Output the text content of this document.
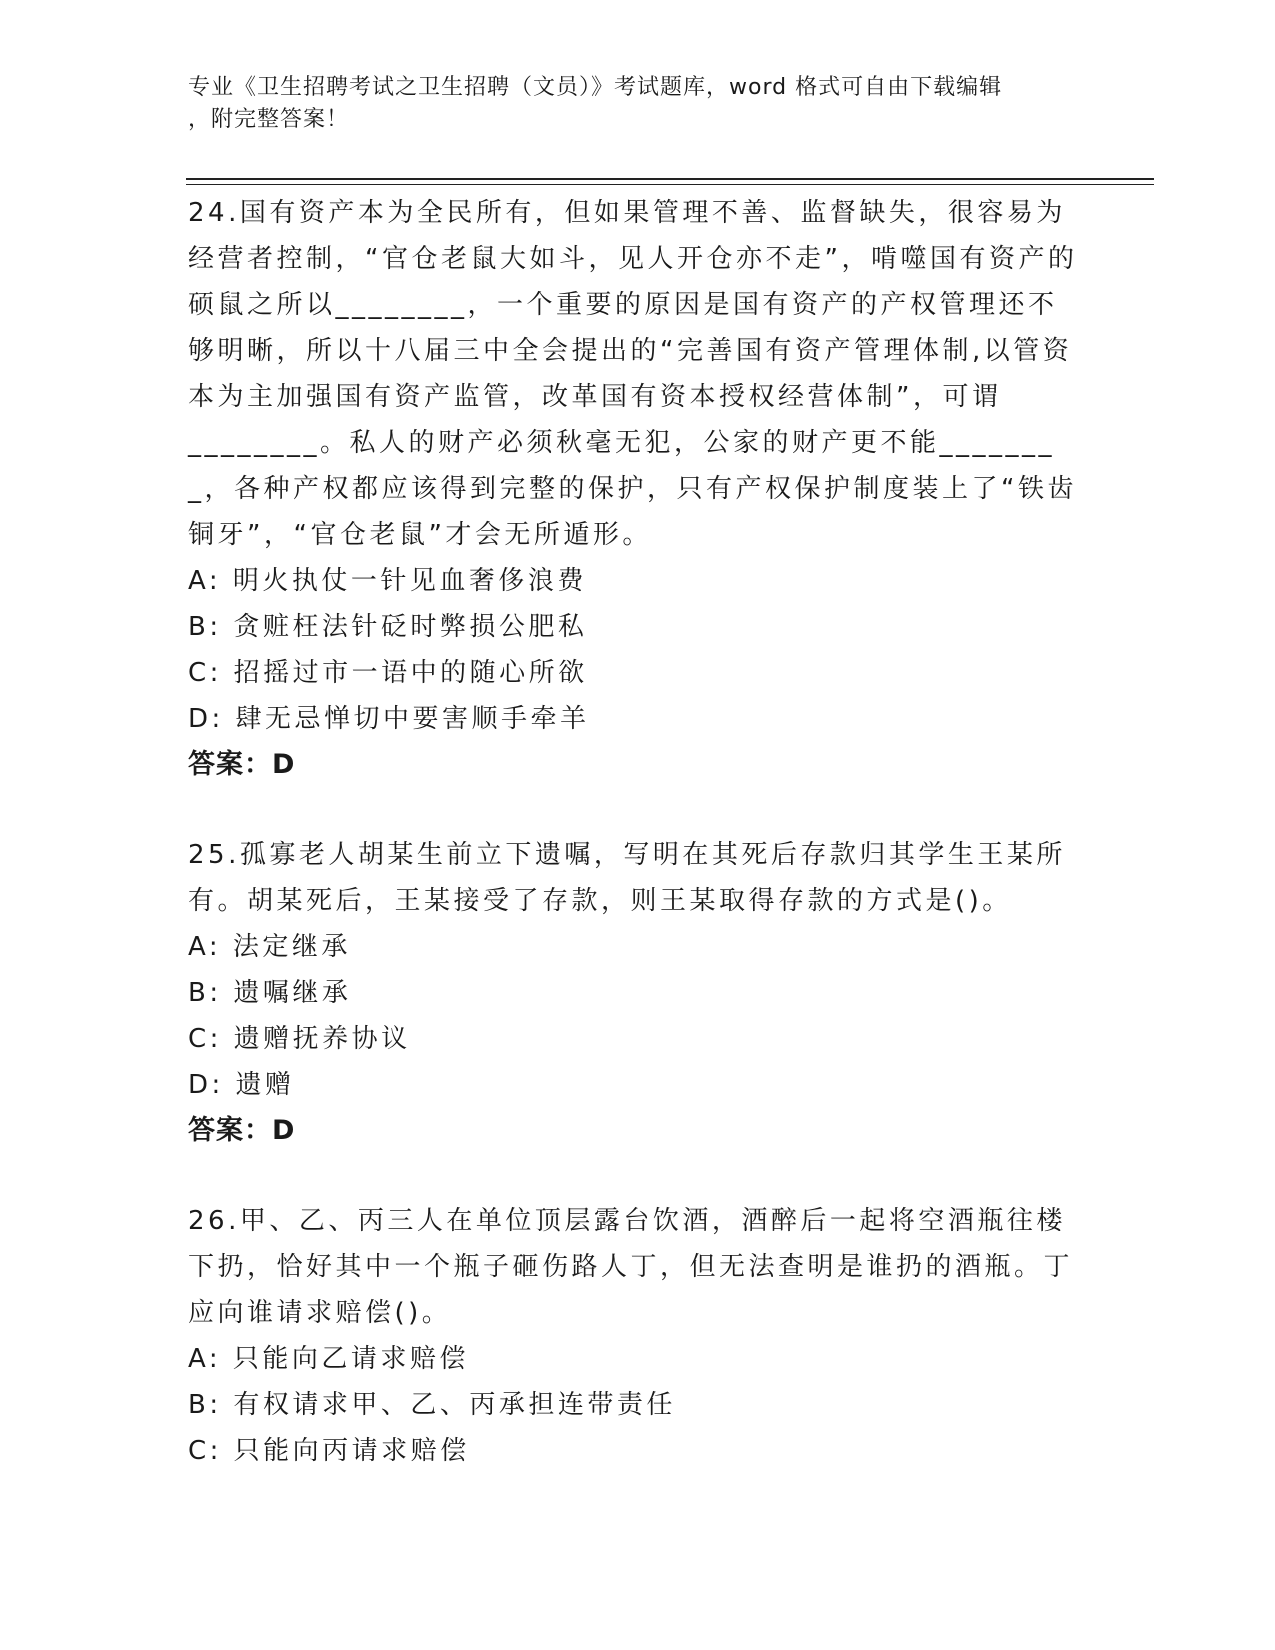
专业《卫生招聘考试之卫生招聘（文员）》考试题库，word 格式可自由下载编辑
，附完整答案！
24.国有资产本为全民所有，但如果管理不善、监督缺失，很容易为经营者控制，“官仓老鼠大如斗，见人开仓亦不走”，啃噬国有资产的硕鼠之所以________，一个重要的原因是国有资产的产权管理还不够明晰，所以十八届三中全会提出的“完善国有资产管理体制,以管资本为主加强国有资产监管，改革国有资本授权经营体制”，可谓
________。私人的财产必须秋毫无犯，公家的财产更不能________，各种产权都应该得到完整的保护，只有产权保护制度装上了“铁齿铜牙”，“官仓老鼠”才会无所遁形。
A: 明火执仗一针见血奢侈浪费
B: 贪赃枉法针砭时弊损公肥私
C: 招摇过市一语中的随心所欲
D: 肆无忌惮切中要害顺手牵羊
答案：D
25.孤寡老人胡某生前立下遗嘱，写明在其死后存款归其学生王某所有。胡某死后，王某接受了存款，则王某取得存款的方式是()。
A: 法定继承
B: 遗嘱继承
C: 遗赠抚养协议
D: 遗赠
答案：D
26.甲、乙、丙三人在单位顶层露台饮酒，酒醉后一起将空酒瓶往楼下扔，恰好其中一个瓶子砸伤路人丁，但无法查明是谁扔的酒瓶。丁应向谁请求赔偿()。
A: 只能向乙请求赔偿
B: 有权请求甲、乙、丙承担连带责任
C: 只能向丙请求赔偿
